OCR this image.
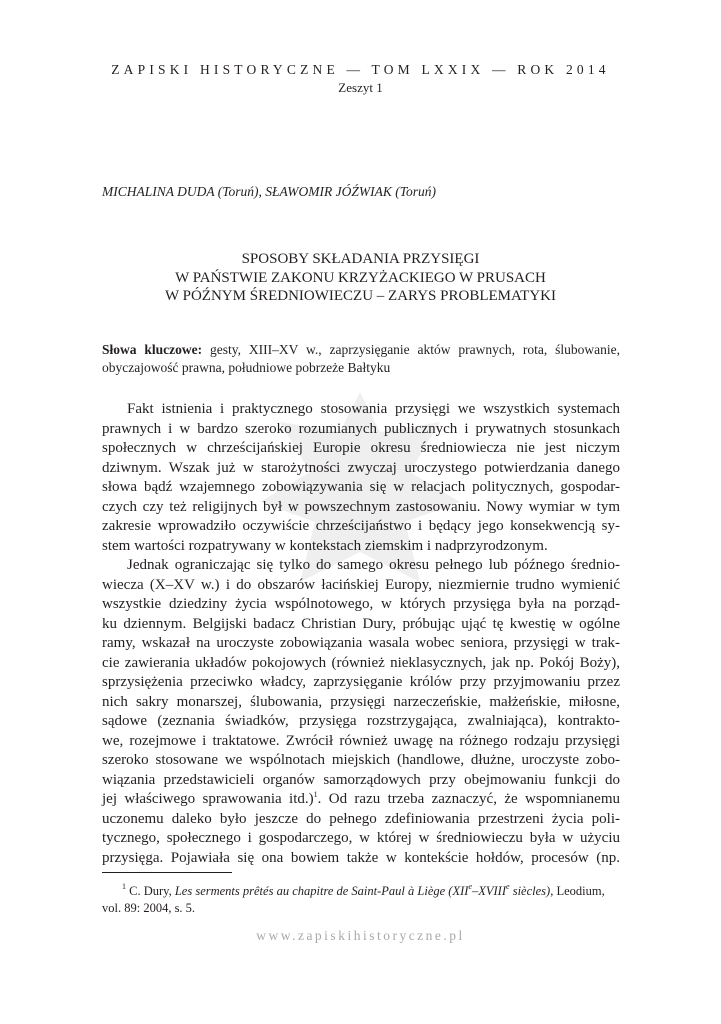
ZAPISKI HISTORYCZNE — TOM LXXIX — ROK 2014
Zeszyt 1
MICHALINA DUDA (Toruń), SŁAWOMIR JÓŹWIAK (Toruń)
SPOSOBY SKŁADANIA PRZYSIĘGI
W PAŃSTWIE ZAKONU KRZYŻACKIEGO W PRUSACH
W PÓŹNYM ŚREDNIOWIECZU – ZARYS PROBLEMATYKI
Słowa kluczowe: gesty, XIII–XV w., zaprzysięganie aktów prawnych, rota, ślubowanie, obyczajowość prawna, południowe pobrzeże Bałtyku
Fakt istnienia i praktycznego stosowania przysięgi we wszystkich systemach
prawnych i w bardzo szeroko rozumianych publicznych i prywatnych stosunkach
społecznych w chrześcijańskiej Europie okresu średniowiecza nie jest niczym
dziwnym. Wszak już w starożytności zwyczaj uroczystego potwierdzania danego
słowa bądź wzajemnego zobowiązywania się w relacjach politycznych, gospodar-
czych czy też religijnych był w powszechnym zastosowaniu. Nowy wymiar w tym
zakresie wprowadziło oczywiście chrześcijaństwo i będący jego konsekwencją sy-
stem wartości rozpatrywany w kontekstach ziemskim i nadprzyrodzonym.
Jednak ograniczając się tylko do samego okresu pełnego lub późnego średnio-
wiecza (X–XV w.) i do obszarów łacińskiej Europy, niezmiernie trudno wymienić
wszystkie dziedziny życia wspólnotowego, w których przysięga była na porząd-
ku dziennym. Belgijski badacz Christian Dury, próbując ująć tę kwestię w ogólne
ramy, wskazał na uroczyste zobowiązania wasala wobec seniora, przysięgi w trak-
cie zawierania układów pokojowych (również nieklasycznych, jak np. Pokój Boży),
sprzysiężenia przeciwko władcy, zaprzysięganie królów przy przyjmowaniu przez
nich sakry monarszej, ślubowania, przysięgi narzeczeńskie, małżeńskie, miłosne,
sądowe (zeznania świadków, przysięga rozstrzygająca, zwalniająca), kontrakto-
we, rozejmowe i traktatowe. Zwrócił również uwagę na różnego rodzaju przysięgi
szeroko stosowane we wspólnotach miejskich (handlowe, dłużne, uroczyste zobo-
wiązania przedstawicieli organów samorządowych przy obejmowaniu funkcji do
jej właściwego sprawowania itd.)$^1$. Od razu trzeba zaznaczyć, że wspomnianemu
uczonemu daleko było jeszcze do pełnego zdefiniowania przestrzeni życia poli-
tycznego, społecznego i gospodarczego, w której w średniowieczu była w użyciu
przysięga. Pojawiała się ona bowiem także w kontekście hołdów, procesów (np.
$^1$ C. Dury, Les serments prêtés au chapitre de Saint-Paul à Liège (XIIe–XVIIIe siècles), Leodium,
vol. 89: 2004, s. 5.
www.zapiskihistoryczne.pl
